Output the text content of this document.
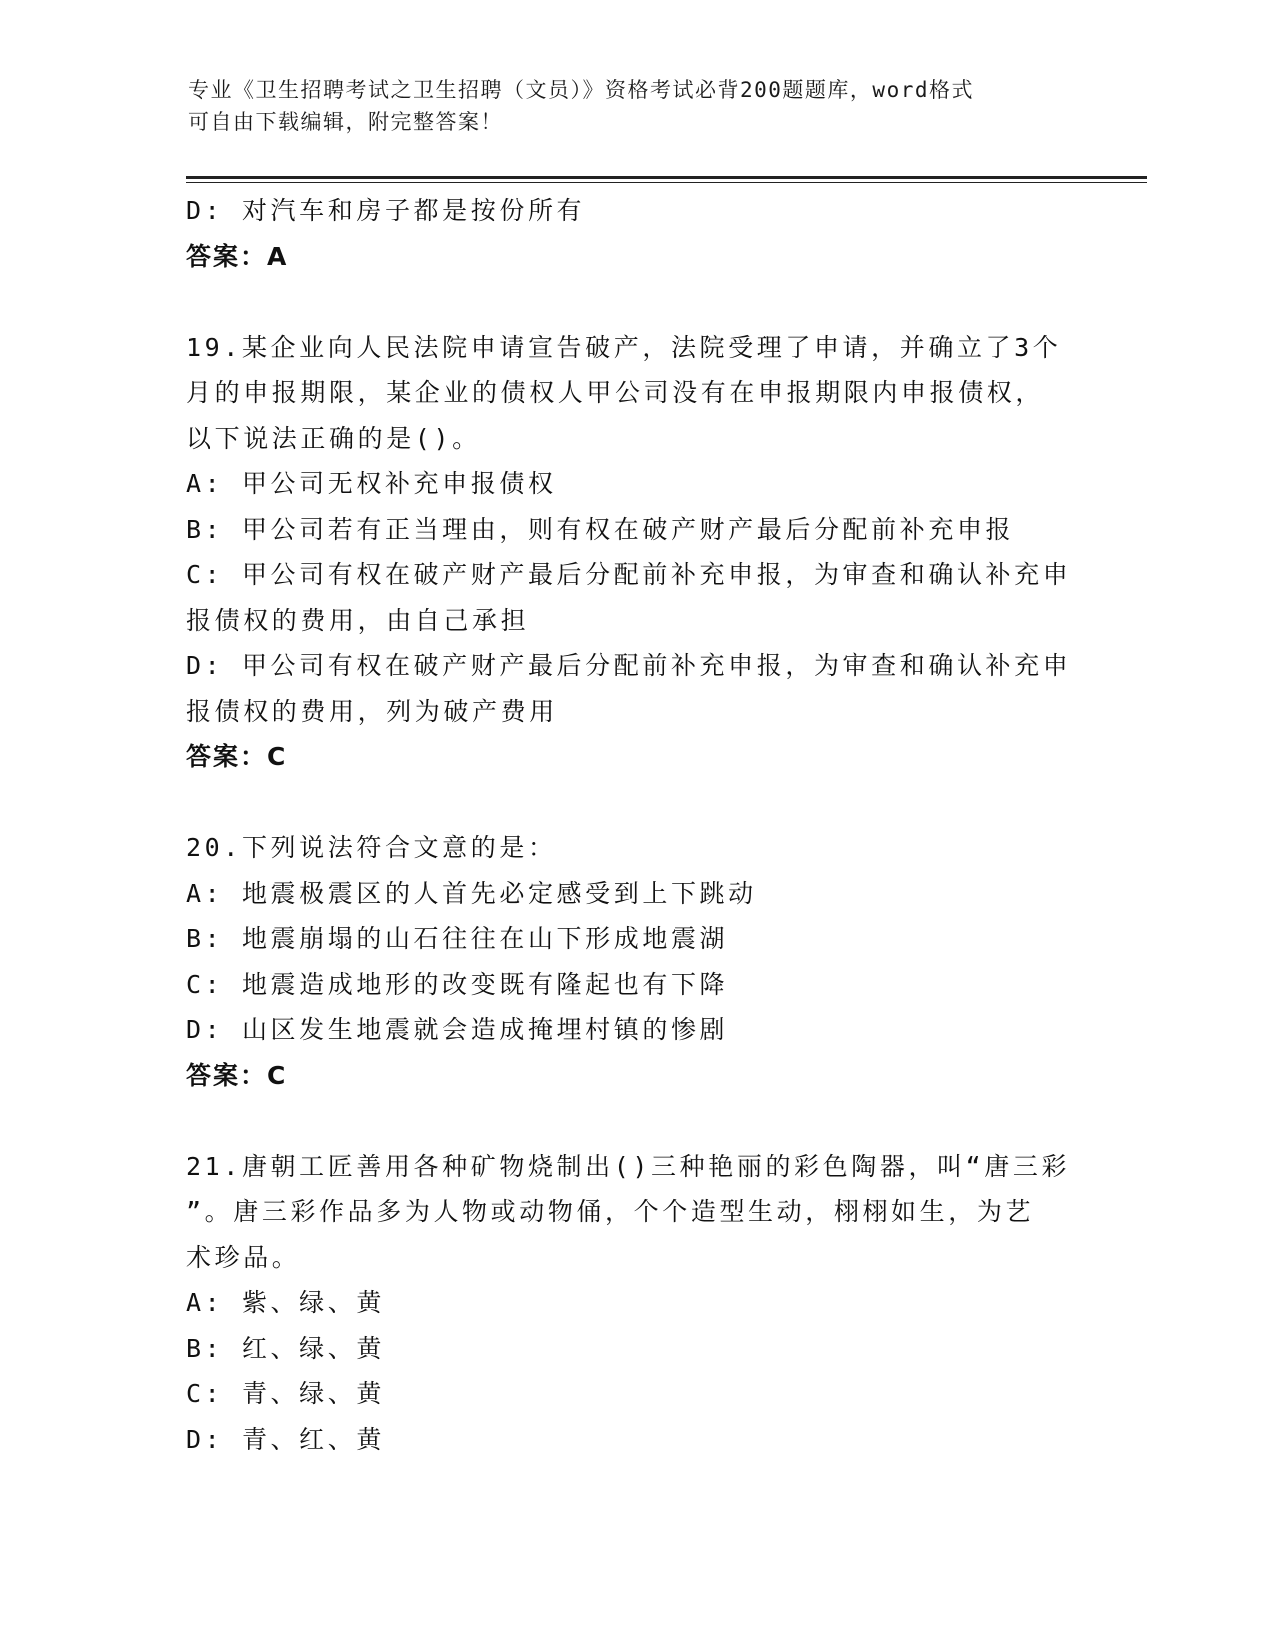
专业《卫生招聘考试之卫生招聘（文员）》资格考试必背200题题库，word格式
可自由下载编辑，附完整答案！
D: 对汽车和房子都是按份所有
答案：A
19.某企业向人民法院申请宣告破产，法院受理了申请，并确立了3个
月的申报期限，某企业的债权人甲公司没有在申报期限内申报债权，
以下说法正确的是()。
A: 甲公司无权补充申报债权
B: 甲公司若有正当理由，则有权在破产财产最后分配前补充申报
C: 甲公司有权在破产财产最后分配前补充申报，为审查和确认补充申
报债权的费用，由自己承担
D: 甲公司有权在破产财产最后分配前补充申报，为审查和确认补充申
报债权的费用，列为破产费用
答案：C
20.下列说法符合文意的是：
A: 地震极震区的人首先必定感受到上下跳动
B: 地震崩塌的山石往往在山下形成地震湖
C: 地震造成地形的改变既有隆起也有下降
D: 山区发生地震就会造成掩埋村镇的惨剧
答案：C
21.唐朝工匠善用各种矿物烧制出()三种艳丽的彩色陶器，叫“唐三彩
”。唐三彩作品多为人物或动物俑，个个造型生动，栩栩如生，为艺
术珍品。
A: 紫、绿、黄
B: 红、绿、黄
C: 青、绿、黄
D: 青、红、黄
